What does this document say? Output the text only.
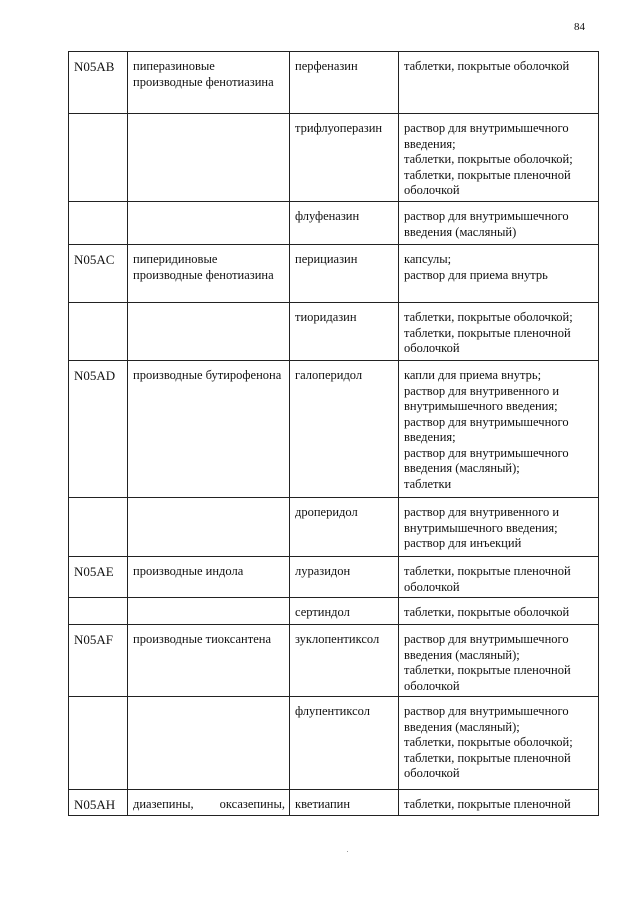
84
N05AB	пиперазиновые производные фенотиазина	перфеназин	таблетки, покрытые оболочкой
		трифлуоперазин	раствор для внутримышечного введения;
таблетки, покрытые оболочкой;
таблетки, покрытые пленочной оболочкой
		флуфеназин	раствор для внутримышечного введения (масляный)
N05AC	пиперидиновые производные фенотиазина	перициазин	капсулы;
раствор для приема внутрь
		тиоридазин	таблетки, покрытые оболочкой;
таблетки, покрытые пленочной оболочкой
N05AD	производные бутирофенона	галоперидол	капли для приема внутрь;
раствор для внутривенного и внутримышечного введения;
раствор для внутримышечного введения;
раствор для внутримышечного введения (масляный);
таблетки
		дроперидол	раствор для внутривенного и внутримышечного введения;
раствор для инъекций
N05AE	производные индола	луразидон	таблетки, покрытые пленочной оболочкой
		сертиндол	таблетки, покрытые оболочкой
N05AF	производные тиоксантена	зуклопентиксол	раствор для внутримышечного введения (масляный);
таблетки, покрытые пленочной оболочкой
		флупентиксол	раствор для внутримышечного введения (масляный);
таблетки, покрытые оболочкой;
таблетки, покрытые пленочной оболочкой
N05AH	диазепины, оксазепины,	кветиапин	таблетки, покрытые пленочной
